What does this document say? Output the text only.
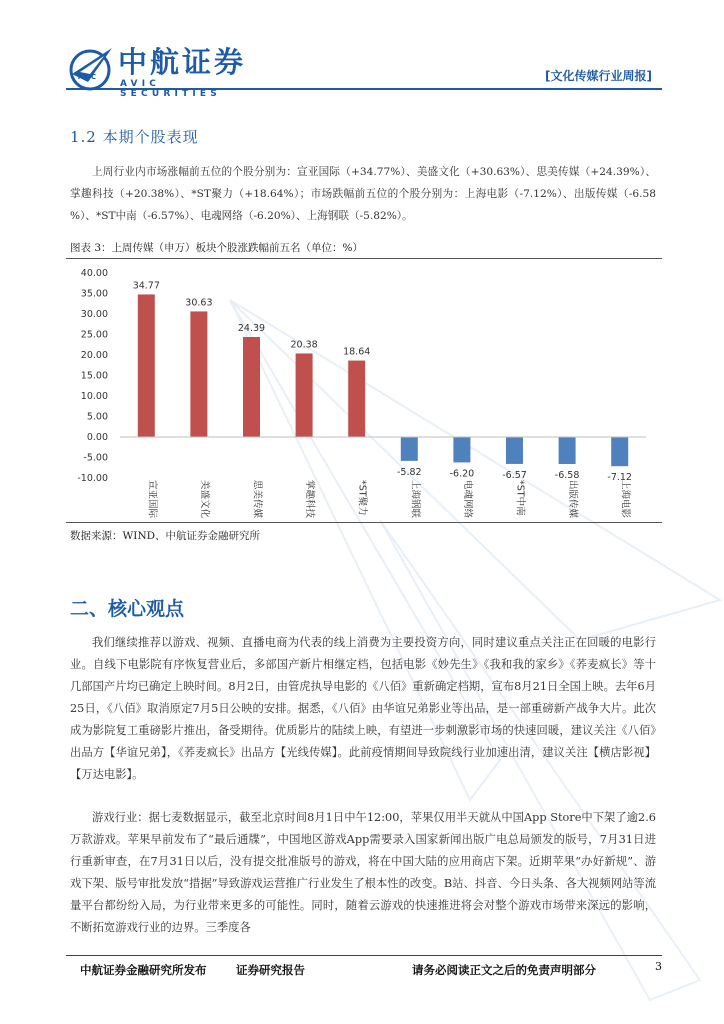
AVIC 中航证券
AVIC SECURITIES
[文化传媒行业周报]
1.2 本期个股表现

上周行业内市场涨幅前五位的个股分别为：宣亚国际（+34.77%）、美盛文化（+30.63%）、思美传媒（+24.39%）、掌趣科技（+20.38%）、*ST聚力（+18.64%）；市场跌幅前五位的个股分别为：上海电影（-7.12%）、出版传媒（-6.58 %）、*ST中南（-6.57%）、电魂网络（-6.20%）、上海钢联（-5.82%）。

图表 3：上周传媒（申万）板块个股涨跌幅前五名（单位：%）
40.00
35.00
30.00
25.00
20.00
15.00
10.00
5.00
0.00
-5.00
-10.00
34.77
30.63
24.39
20.38
18.64
-5.82	-6.20	-6.57	-6.58	-7.12
宣亚国际	美盛文化	思美传媒	掌趣科技	*ST聚力	上海钢联	电魂网络	*ST中南	出版传媒	上海电影
数据来源：WIND、中航证券金融研究所
二、核心观点

我们继续推荐以游戏、视频、直播电商为代表的线上消费为主要投资方向，同时建议重点关注正在回暖的电影行业。自线下电影院有序恢复营业后，多部国产新片相继定档，包括电影《妙先生》《我和我的家乡》《荞麦疯长》等十几部国产片均已确定上映时间。8月2日，由管虎执导电影的《八佰》重新确定档期，宣布8月21日全国上映。去年6月25日，《八佰》取消原定7月5日公映的安排。据悉，《八佰》由华谊兄弟影业等出品，是一部重磅新产战争大片。此次成为影院复工重磅影片推出，备受期待。优质影片的陆续上映，有望进一步刺激影市场的快速回暖，建议关注《八佰》出品方【华谊兄弟】，《荞麦疯长》出品方【光线传媒】。此前疫情期间导致院线行业加速出清，建议关注【横店影视】【万达电影】。

游戏行业：据七麦数据显示，截至北京时间8月1日中午12:00，苹果仅用半天就从中国App Store中下架了逾2.6万款游戏。苹果早前发布了“最后通牒”，中国地区游戏App需要录入国家新闻出版广电总局颁发的版号，7月31日进行重新审查，在7月31日以后，没有提交批准版号的游戏，将在中国大陆的应用商店下架。近期苹果“办好新规”、游戏下架、版号审批发放“措据”导致游戏运营推广行业发生了根本性的改变。B站、抖音、今日头条、各大视频网站等流量平台都纷纷入局，为行业带来更多的可能性。同时，随着云游戏的快速推进将会对整个游戏市场带来深远的影响，不断拓宽游戏行业的边界。三季度各

中航证券金融研究所发布	证券研究报告	请务必阅读正文之后的免责声明部分	3
